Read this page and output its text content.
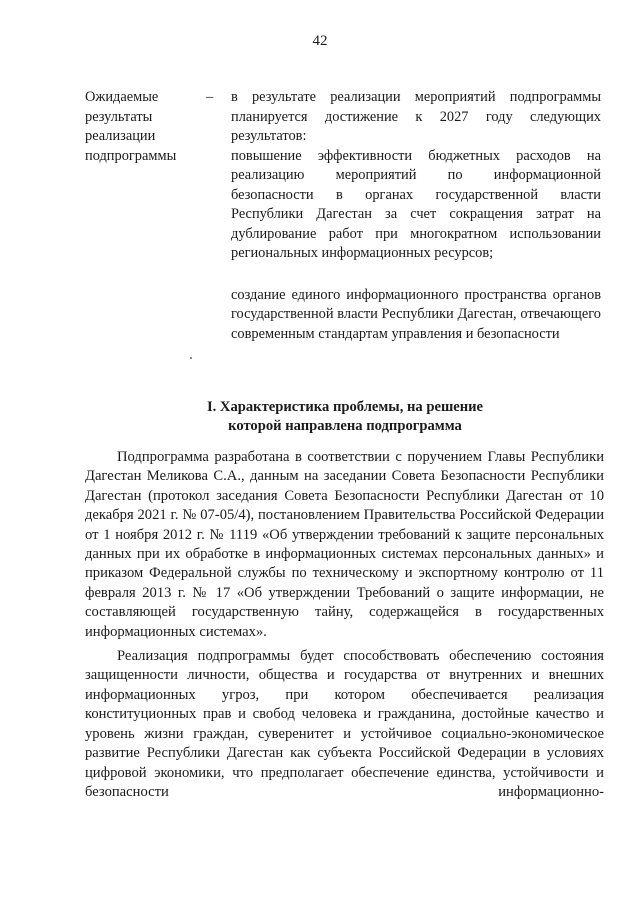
42
Ожидаемые результаты реализации подпрограммы
– в результате реализации мероприятий подпрограммы планируется достижение к 2027 году следующих результатов:

повышение эффективности бюджетных расходов на реализацию мероприятий по информационной безопасности в органах государственной власти Республики Дагестан за счет сокращения затрат на дублирование работ при многократном использовании региональных информационных ресурсов;

создание единого информационного пространства органов государственной власти Республики Дагестан, отвечающего современным стандартам управления и безопасности

I. Характеристика проблемы, на решение
которой направлена подпрограмма

Подпрограмма разработана в соответствии с поручением Главы Республики Дагестан Меликова С.А., данным на заседании Совета Безопасности Республики Дагестан (протокол заседания Совета Безопасности Республики Дагестан от 10 декабря 2021 г. № 07-05/4), постановлением Правительства Российской Федерации от 1 ноября 2012 г. № 1119 «Об утверждении требований к защите персональных данных при их обработке в информационных системах персональных данных» и приказом Федеральной службы по техническому и экспортному контролю от 11 февраля 2013 г. № 17 «Об утверждении Требований о защите информации, не составляющей государственную тайну, содержащейся в государственных информационных системах».

Реализация подпрограммы будет способствовать обеспечению состояния защищенности личности, общества и государства от внутренних и внешних информационных угроз, при котором обеспечивается реализация конституционных прав и свобод человека и гражданина, достойные качество и уровень жизни граждан, суверенитет и устойчивое социально-экономическое развитие Республики Дагестан как субъекта Российской Федерации в условиях цифровой экономики, что предполагает обеспечение единства, устойчивости и безопасности информационно-
